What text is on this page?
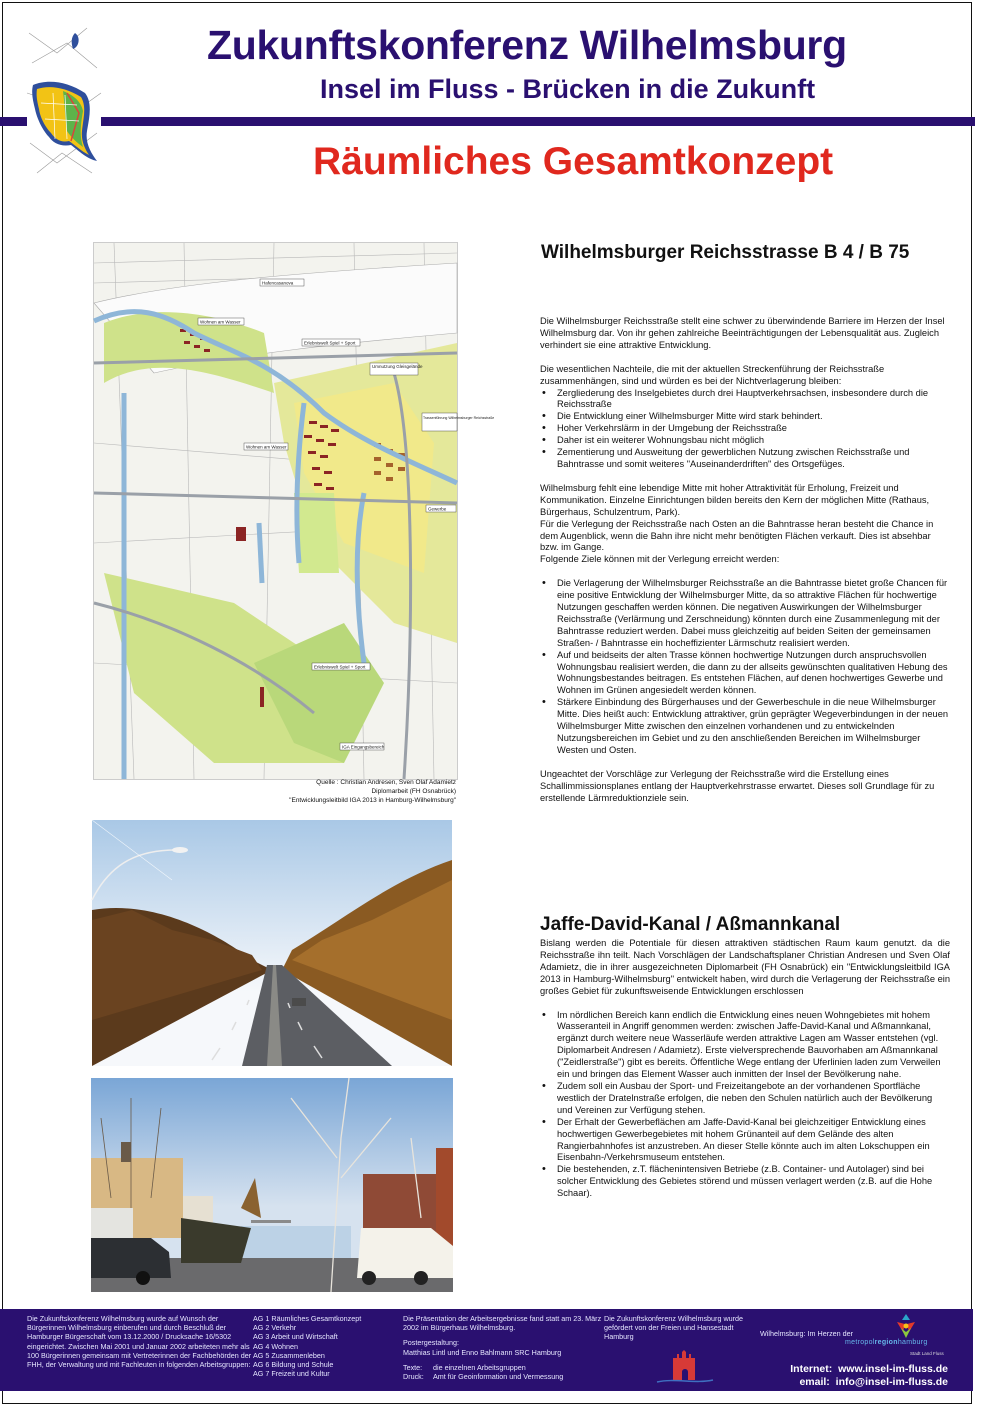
Zukunftskonferenz Wilhelmsburg
Insel im Fluss - Brücken in die Zukunft
Räumliches Gesamtkonzept
Hafencasanova
Wohnen am Wasser
Erlebniswelt Spiel + Sport
Umnutzung Gleisgelände
Trassenführung Wilhelmsburger Reichsstraße
Wohnen am Wasser
Gewerbe
Erlebniswelt Spiel + Sport
IGA Eingangsbereich
Quelle : Christian Andresen, Sven Olaf Adamietz
Diplomarbeit (FH Osnabrück)
"Entwicklungsleitbild IGA 2013 in Hamburg-Wilhelmsburg"
Wilhelmsburger Reichsstrasse B 4 / B 75

Die Wilhelmsburger Reichsstraße stellt eine schwer zu überwindende Barriere im Herzen der Insel Wilhelmsburg dar. Von ihr gehen zahlreiche Beeinträchtigungen der Lebensqualität aus. Zugleich verhindert sie eine attraktive Entwicklung.

Die wesentlichen Nachteile, die mit der aktuellen Streckenführung der Reichsstraße zusammenhängen, sind und würden es bei der Nichtverlagerung bleiben:

• Zergliederung des Inselgebietes durch drei Hauptverkehrsachsen, insbesondere durch die Reichsstraße
• Die Entwicklung einer Wilhelmsburger Mitte wird stark behindert.
• Hoher Verkehrslärm in der Umgebung der Reichsstraße
• Daher ist ein weiterer Wohnungsbau nicht möglich
• Zementierung und Ausweitung der gewerblichen Nutzung zwischen Reichsstraße und Bahntrasse und somit weiteres "Auseinanderdriften" des Ortsgefüges.

Wilhelmsburg fehlt eine lebendige Mitte mit hoher Attraktivität für Erholung, Freizeit und Kommunikation. Einzelne Einrichtungen bilden bereits den Kern der möglichen Mitte (Rathaus, Bürgerhaus, Schulzentrum, Park).

Für die Verlegung der Reichsstraße nach Osten an die Bahntrasse heran besteht die Chance in dem Augenblick, wenn die Bahn ihre nicht mehr benötigten Flächen verkauft. Dies ist absehbar bzw. im Gange.

Folgende Ziele können mit der Verlegung erreicht werden:

• Die Verlagerung der Wilhelmsburger Reichsstraße an die Bahntrasse bietet große Chancen für eine positive Entwicklung der Wilhelmsburger Mitte, da so attraktive Flächen für hochwertige Nutzungen geschaffen werden können. Die negativen Auswirkungen der Wilhelmsburger Reichsstraße (Verlärmung und Zerschneidung) könnten durch eine Zusammenlegung mit der Bahntrasse reduziert werden. Dabei muss gleichzeitig auf beiden Seiten der gemeinsamen Straßen- / Bahntrasse ein hocheffizienter Lärmschutz realisiert werden.
• Auf und beidseits der alten Trasse können hochwertige Nutzungen durch anspruchsvollen Wohnungsbau realisiert werden, die dann zu der allseits gewünschten qualitativen Hebung des Wohnungsbestandes beitragen. Es entstehen Flächen, auf denen hochwertiges Gewerbe und Wohnen im Grünen angesiedelt werden können.
• Stärkere Einbindung des Bürgerhauses und der Gewerbeschule in die neue Wilhelmsburger Mitte. Dies heißt auch: Entwicklung attraktiver, grün geprägter Wegeverbindungen in der neuen Wilhelmsburger Mitte zwischen den einzelnen vorhandenen und zu entwickelnden Nutzungsbereichen im Gebiet und zu den anschließenden Bereichen im Wilhelmsburger Westen und Osten.

Ungeachtet der Vorschläge zur Verlegung der Reichsstraße wird die Erstellung eines Schallimmissionsplanes entlang der Hauptverkehrstrasse erwartet. Dieses soll Grundlage für zu erstellende Lärmreduktionziele sein.

Jaffe-David-Kanal / Aßmannkanal

Bislang werden die Potentiale für diesen attraktiven städtischen Raum kaum genutzt. da die Reichsstraße ihn teilt. Nach Vorschlägen der Landschaftsplaner Christian Andresen und Sven Olaf Adamietz, die in ihrer ausgezeichneten Diplomarbeit (FH Osnabrück) ein "Entwicklungsleitbild IGA 2013 in Hamburg-Wilhelmsburg" entwickelt haben, wird durch die Verlagerung der Reichsstraße ein großes Gebiet für zukunftsweisende Entwicklungen erschlossen

• Im nördlichen Bereich kann endlich die Entwicklung eines neuen Wohngebietes mit hohem Wasseranteil in Angriff genommen werden: zwischen Jaffe-David-Kanal und Aßmannkanal, ergänzt durch weitere neue Wasserläufe werden attraktive Lagen am Wasser entstehen (vgl. Diplomarbeit Andresen / Adamietz). Erste vielversprechende Bauvorhaben am Aßmannkanal ("Zeidlerstraße") gibt es bereits. Öffentliche Wege entlang der Uferlinien laden zum Verweilen ein und bringen das Element Wasser auch inmitten der Insel der Bevölkerung nahe.
• Zudem soll ein Ausbau der Sport- und Freizeitangebote an der vorhandenen Sportfläche westlich der Dratelnstraße erfolgen, die neben den Schulen natürlich auch der Bevölkerung und Vereinen zur Verfügung stehen.
• Der Erhalt der Gewerbeflächen am Jaffe-David-Kanal bei gleichzeitiger Entwicklung eines hochwertigen Gewerbegebietes mit hohem Grünanteil auf dem Gelände des alten Rangierbahnhofes ist anzustreben. An dieser Stelle könnte auch im alten Lokschuppen ein Eisenbahn-/Verkehrsmuseum entstehen.
• Die bestehenden, z.T. flächenintensiven Betriebe (z.B. Container- und Autolager) sind bei solcher Entwicklung des Gebietes störend und müssen verlagert werden (z.B. auf die Hohe Schaar).
Die Zukunftskonferenz Wilhelmsburg wurde auf Wunsch der Bürgerinnen Wilhelmsburg einberufen und durch Beschluß der Hamburger Bürgerschaft vom 13.12.2000 / Drucksache 16/5302 eingerichtet. Zwischen Mai 2001 und Januar 2002 arbeiteten mehr als 100 Bürgerinnen gemeinsam mit Vertreterinnen der Fachbehörden der FHH, der Verwaltung und mit Fachleuten in folgenden Arbeitsgruppen:
AG 1 Räumliches Gesamtkonzept
AG 2 Verkehr
AG 3 Arbeit und Wirtschaft
AG 4 Wohnen
AG 5 Zusammenleben
AG 6 Bildung und Schule
AG 7 Freizeit und Kultur
Die Präsentation der Arbeitsergebnisse fand statt am 23. März 2002 im Bürgerhaus Wilhelmsburg.
Postergestaltung:
Matthias Lintl und Enno Bahlmann SRC Hamburg
Texte: die einzelnen Arbeitsgruppen
Druck: Amt für Geoinformation und Vermessung
Die Zukunftskonferenz Wilhelmsburg wurde gefördert von der Freien und Hansestadt Hamburg	Wilhelmsburg: Im Herzen der
metropolregionhamburg
Stadt Land Fluss
Internet: www.insel-im-fluss.de
email: info@insel-im-fluss.de
